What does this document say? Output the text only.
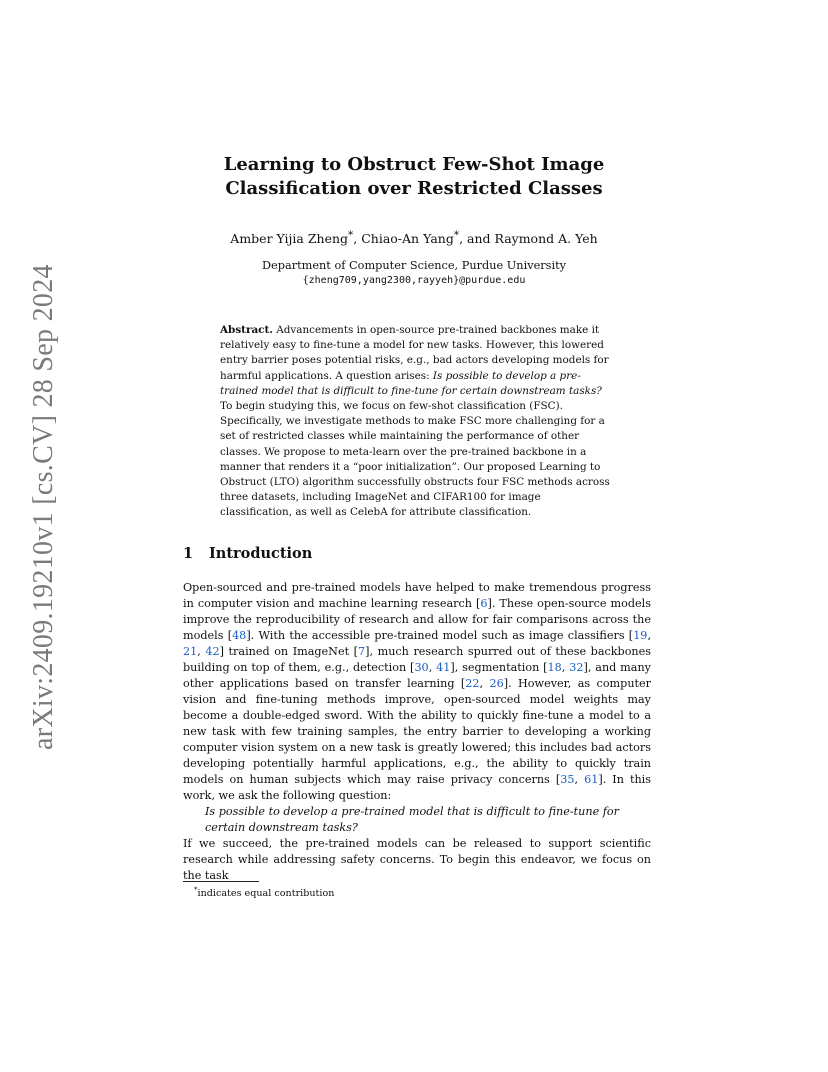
arXiv:2409.19210v1 [cs.CV] 28 Sep 2024
Learning to Obstruct Few-Shot Image
Classification over Restricted Classes
Amber Yijia Zheng*, Chiao-An Yang*, and Raymond A. Yeh
Department of Computer Science, Purdue University
{zheng709,yang2300,rayyeh}@purdue.edu

Abstract. Advancements in open-source pre-trained backbones make it relatively easy to fine-tune a model for new tasks. However, this lowered entry barrier poses potential risks, e.g., bad actors developing models for harmful applications. A question arises: Is possible to develop a pre-trained model that is difficult to fine-tune for certain downstream tasks? To begin studying this, we focus on few-shot classification (FSC). Specifically, we investigate methods to make FSC more challenging for a set of restricted classes while maintaining the performance of other classes. We propose to meta-learn over the pre-trained backbone in a manner that renders it a “poor initialization”. Our proposed Learning to Obstruct (LTO) algorithm successfully obstructs four FSC methods across three datasets, including ImageNet and CIFAR100 for image classification, as well as CelebA for attribute classification.

1 Introduction

Open-sourced and pre-trained models have helped to make tremendous progress in computer vision and machine learning research [6]. These open-source models improve the reproducibility of research and allow for fair comparisons across the models [48]. With the accessible pre-trained model such as image classifiers [19, 21, 42] trained on ImageNet [7], much research spurred out of these backbones building on top of them, e.g., detection [30, 41], segmentation [18, 32], and many other applications based on transfer learning [22, 26]. However, as computer vision and fine-tuning methods improve, open-sourced model weights may become a double-edged sword. With the ability to quickly fine-tune a model to a new task with few training samples, the entry barrier to developing a working computer vision system on a new task is greatly lowered; this includes bad actors developing potentially harmful applications, e.g., the ability to quickly train models on human subjects which may raise privacy concerns [35, 61]. In this work, we ask the following question:

Is possible to develop a pre-trained model that is difficult to fine-tune for certain downstream tasks?

If we succeed, the pre-trained models can be released to support scientific research while addressing safety concerns. To begin this endeavor, we focus on the task

*indicates equal contribution
